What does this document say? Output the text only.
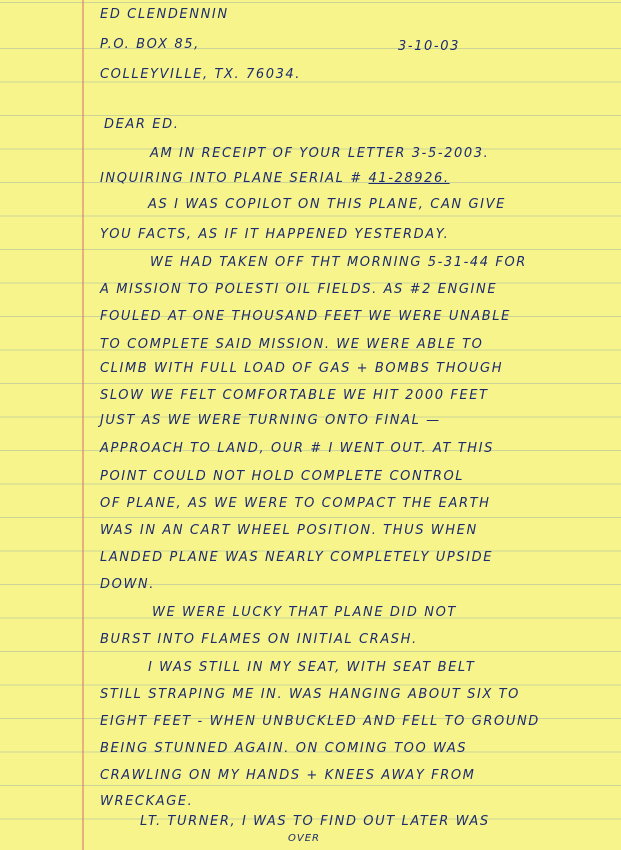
ED CLENDENNIN
P.O. BOX 85,	3-10-03
COLLEYVILLE, TX. 76034.
DEAR ED.
AM IN RECEIPT OF YOUR LETTER 3-5-2003.
INQUIRING INTO PLANE SERIAL # 41-28926.
AS I WAS COPILOT ON THIS PLANE, CAN GIVE
YOU FACTS, AS IF IT HAPPENED YESTERDAY.
WE HAD TAKEN OFF THT MORNING 5-31-44 FOR
A MISSION TO POLESTI OIL FIELDS. AS #2 ENGINE
FOULED AT ONE THOUSAND FEET WE WERE UNABLE
TO COMPLETE SAID MISSION. WE WERE ABLE TO
CLIMB WITH FULL LOAD OF GAS + BOMBS THOUGH
SLOW WE FELT COMFORTABLE WE HIT 2000 FEET
JUST AS WE WERE TURNING ONTO FINAL —
APPROACH TO LAND, OUR # I WENT OUT. AT THIS
POINT COULD NOT HOLD COMPLETE CONTROL
OF PLANE, AS WE WERE TO COMPACT THE EARTH
WAS IN AN CART WHEEL POSITION. THUS WHEN
LANDED PLANE WAS NEARLY COMPLETELY UPSIDE
DOWN.
WE WERE LUCKY THAT PLANE DID NOT
BURST INTO FLAMES ON INITIAL CRASH.
I WAS STILL IN MY SEAT, WITH SEAT BELT
STILL STRAPING ME IN. WAS HANGING ABOUT SIX TO
EIGHT FEET - WHEN UNBUCKLED AND FELL TO GROUND
BEING STUNNED AGAIN. ON COMING TOO WAS
CRAWLING ON MY HANDS + KNEES AWAY FROM
WRECKAGE.
LT. TURNER, I WAS TO FIND OUT LATER WAS
OVER
